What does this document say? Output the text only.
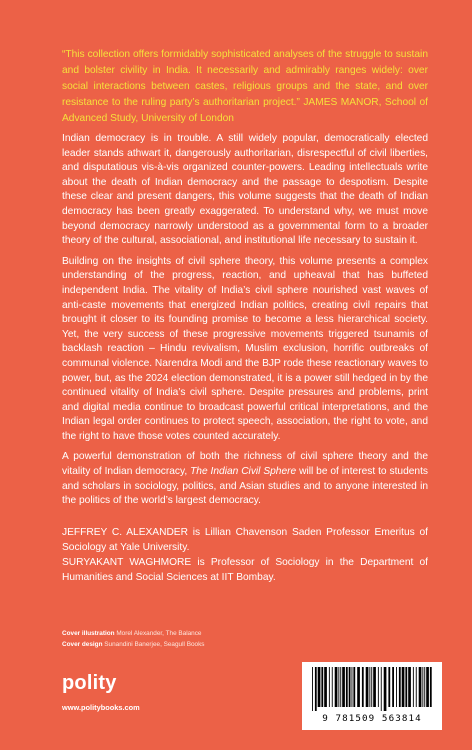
“This collection offers formidably sophisticated analyses of the struggle to sustain and bolster civility in India. It necessarily and admirably ranges widely: over social interactions between castes, religious groups and the state, and over resistance to the ruling party’s authoritarian project.” JAMES MANOR, School of Advanced Study, University of London

Indian democracy is in trouble. A still widely popular, democratically elected leader stands athwart it, dangerously authoritarian, disrespectful of civil liberties, and disputatious vis-à-vis organized counter-powers. Leading intellectuals write about the death of Indian democracy and the passage to despotism. Despite these clear and present dangers, this volume suggests that the death of Indian democracy has been greatly exaggerated. To understand why, we must move beyond democracy narrowly understood as a governmental form to a broader theory of the cultural, associational, and institutional life necessary to sustain it.

Building on the insights of civil sphere theory, this volume presents a complex understanding of the progress, reaction, and upheaval that has buffeted independent India. The vitality of India’s civil sphere nourished vast waves of anti-caste movements that energized Indian politics, creating civil repairs that brought it closer to its founding promise to become a less hierarchical society. Yet, the very success of these progressive movements triggered tsunamis of backlash reaction – Hindu revivalism, Muslim exclusion, horrific outbreaks of communal violence. Narendra Modi and the BJP rode these reactionary waves to power, but, as the 2024 election demonstrated, it is a power still hedged in by the continued vitality of India’s civil sphere. Despite pressures and problems, print and digital media continue to broadcast powerful critical interpretations, and the Indian legal order continues to protect speech, association, the right to vote, and the right to have those votes counted accurately.

A powerful demonstration of both the richness of civil sphere theory and the vitality of Indian democracy, The Indian Civil Sphere will be of interest to students and scholars in sociology, politics, and Asian studies and to anyone interested in the politics of the world’s largest democracy.

JEFFREY C. ALEXANDER is Lillian Chavenson Saden Professor Emeritus of Sociology at Yale University.

SURYAKANT WAGHMORE is Professor of Sociology in the Department of Humanities and Social Sciences at IIT Bombay.

Cover illustration Morel Alexander, The Balance
Cover design Sunandini Banerjee, Seagull Books
polity
www.politybooks.com
9 781509 563814
